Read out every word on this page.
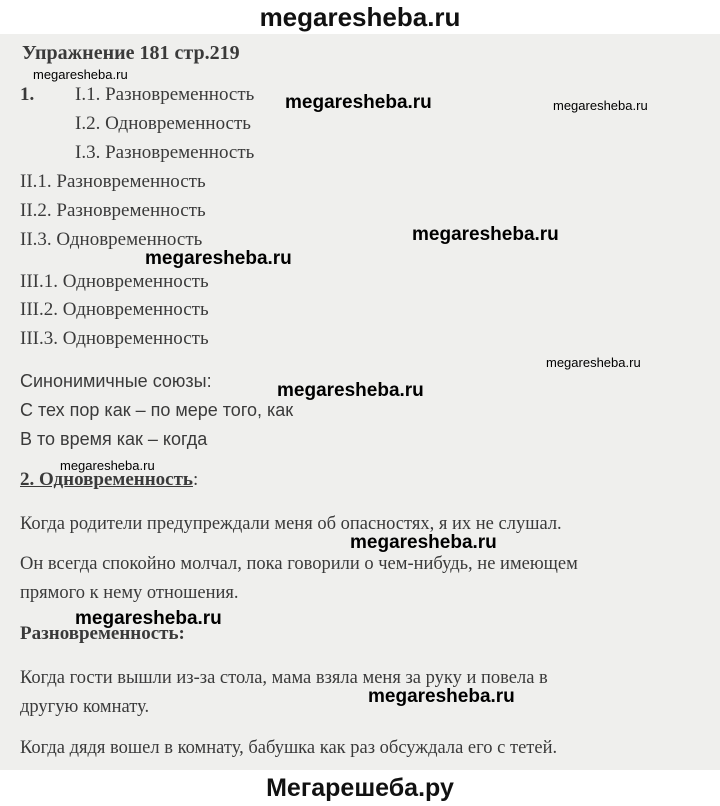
megaresheba.ru
Упражнение 181 стр.219
1. I.1. Разновременность
I.2. Одновременность
I.3. Разновременность
II.1. Разновременность
II.2. Разновременность
II.3. Одновременность
III.1. Одновременность
III.2. Одновременность
III.3. Одновременность
Синонимичные союзы:
С тех пор как – по мере того, как
В то время как – когда
2. Одновременность:
Когда родители предупреждали меня об опасностях, я их не слушал.
Он всегда спокойно молчал, пока говорили о чем-нибудь, не имеющем
прямого к нему отношения.
Разновременность:
Когда гости вышли из-за стола, мама взяла меня за руку и повела в
другую комнату.
Когда дядя вошел в комнату, бабушка как раз обсуждала его с тетей.
megaresheba.ru
megaresheba.ru	megaresheba.ru
megaresheba.ru
megaresheba.ru
megaresheba.ru
megaresheba.ru
megaresheba.ru
megaresheba.ru
megaresheba.ru
megaresheba.ru
Мегарешеба.ру
